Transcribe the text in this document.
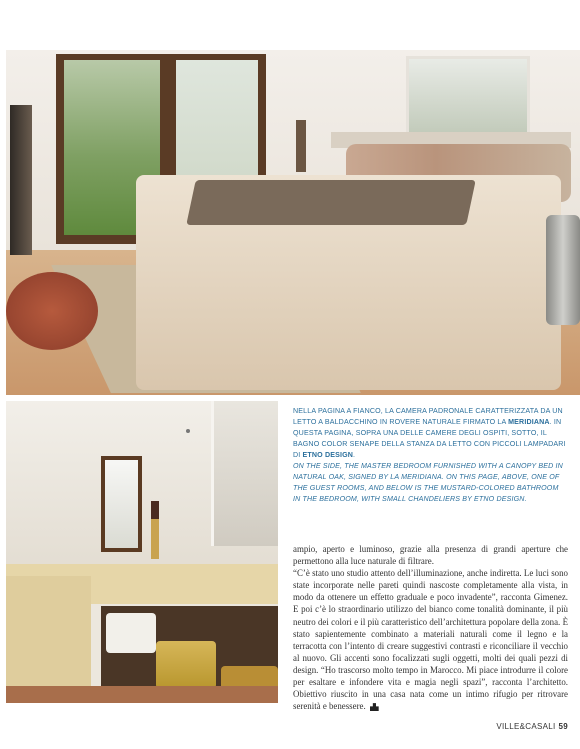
NELLA PAGINA A FIANCO, LA CAMERA PADRONALE CARATTERIZZATA DA UN LETTO A BALDACCHINO IN ROVERE NATURALE FIRMATO LA MERIDIANA. IN QUESTA PAGINA, SOPRA UNA DELLE CAMERE DEGLI OSPITI, SOTTO, IL BAGNO COLOR SENAPE DELLA STANZA DA LETTO CON PICCOLI LAMPADARI DI ETNO DESIGN.
ON THE SIDE, THE MASTER BEDROOM FURNISHED WITH A CANOPY BED IN NATURAL OAK, SIGNED BY LA MERIDIANA. ON THIS PAGE, ABOVE, ONE OF THE GUEST ROOMS, AND BELOW IS THE MUSTARD-COLORED BATHROOM IN THE BEDROOM, WITH SMALL CHANDELIERS BY ETNO DESIGN.

ampio, aperto e luminoso, grazie alla presenza di grandi aperture che permettono alla luce naturale di filtrare.

“C’è stato uno studio attento dell’illuminazione, anche indiretta. Le luci sono state incorporate nelle pareti quindi nascoste completamente alla vista, in modo da ottenere un effetto graduale e poco invadente”, racconta Gimenez. E poi c’è lo straordinario utilizzo del bianco come tonalità dominante, il più neutro dei colori e il più caratteristico dell’architettura popolare della zona. È stato sapientemente combinato a materiali naturali come il legno e la terracotta con l’intento di creare suggestivi contrasti e riconciliare il vecchio al nuovo. Gli accenti sono focalizzati sugli oggetti, molti dei quali pezzi di design. “Ho trascorso molto tempo in Marocco. Mi piace introdurre il colore per esaltare e infondere vita e magia negli spazi”, racconta l’architetto. Obiettivo riuscito in una casa nata come un intimo rifugio per ritrovare serenità e benessere.

VILLE&CASALI 59
